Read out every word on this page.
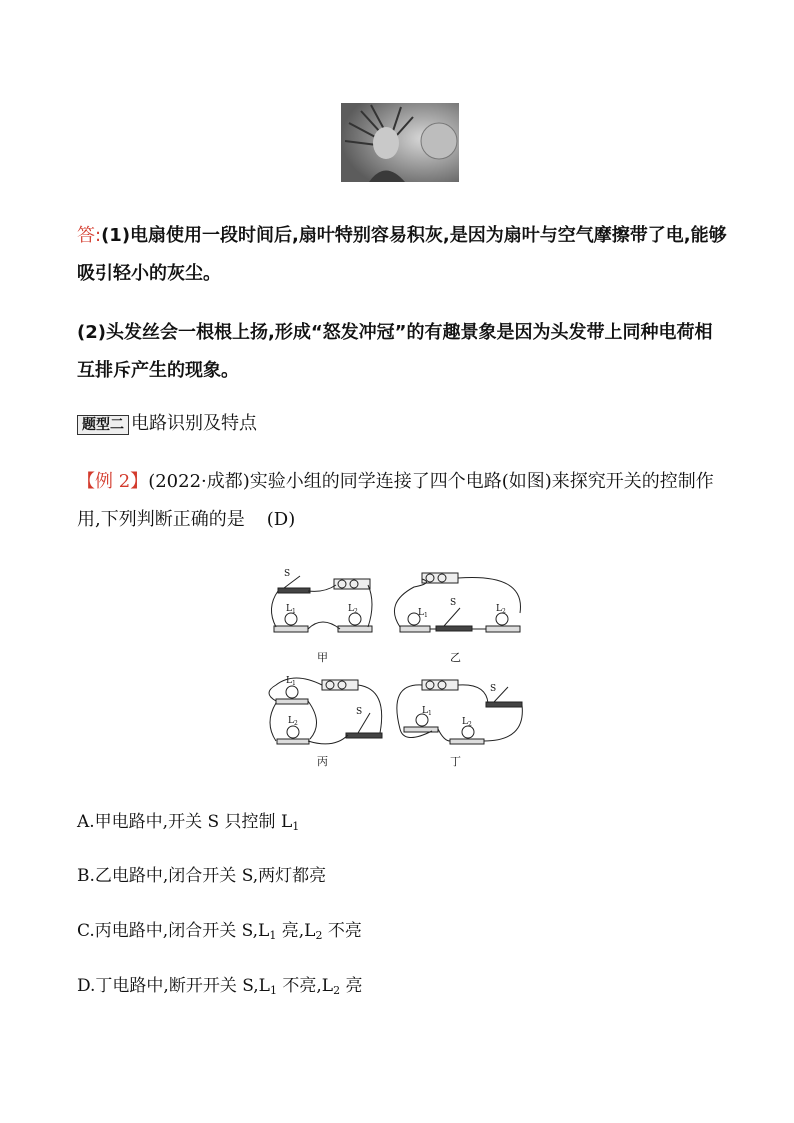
答:(1)电扇使用一段时间后,扇叶特别容易积灰,是因为扇叶与空气摩擦带了电,能够吸引轻小的灰尘。
(2)头发丝会一根根上扬,形成“怒发冲冠”的有趣景象是因为头发带上同种电荷相互排斥产生的现象。
题型二 电路识别及特点
【例 2】(2022·成都)实验小组的同学连接了四个电路(如图)来探究开关的控制作用,下列判断正确的是 (D)
S
$L_1$	$L_2$
S
$L_1$
$L_2$
$L_1$
$L_2$
S
S
$L_1$
$L_2$
甲	乙
丙	丁
A.甲电路中,开关 S 只控制 $L_1$
B.乙电路中,闭合开关 S,两灯都亮
C.丙电路中,闭合开关 $S,L_1$ 亮$,L_2$ 不亮
D.丁电路中,断开开关 $S,L_1$ 不亮$,L_2$ 亮
